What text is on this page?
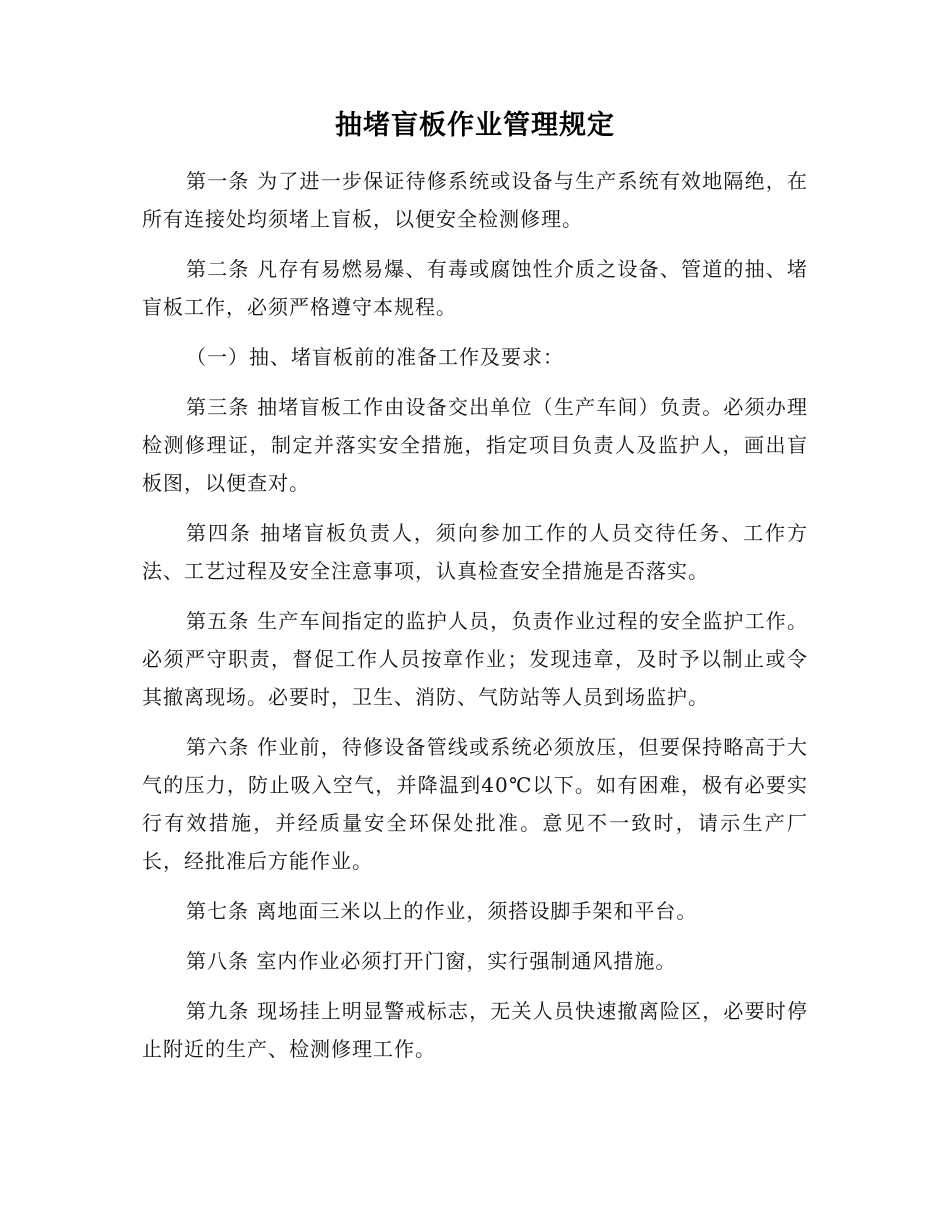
抽堵盲板作业管理规定

第一条 为了进一步保证待修系统或设备与生产系统有效地隔绝，在所有连接处均须堵上盲板，以便安全检测修理。

第二条 凡存有易燃易爆、有毒或腐蚀性介质之设备、管道的抽、堵盲板工作，必须严格遵守本规程。

（一）抽、堵盲板前的准备工作及要求：

第三条 抽堵盲板工作由设备交出单位（生产车间）负责。必须办理检测修理证，制定并落实安全措施，指定项目负责人及监护人，画出盲板图，以便查对。

第四条 抽堵盲板负责人，须向参加工作的人员交待任务、工作方法、工艺过程及安全注意事项，认真检查安全措施是否落实。

第五条 生产车间指定的监护人员，负责作业过程的安全监护工作。必须严守职责，督促工作人员按章作业；发现违章，及时予以制止或令其撤离现场。必要时，卫生、消防、气防站等人员到场监护。

第六条 作业前，待修设备管线或系统必须放压，但要保持略高于大气的压力，防止吸入空气，并降温到40℃以下。如有困难，极有必要实行有效措施，并经质量安全环保处批准。意见不一致时，请示生产厂长，经批准后方能作业。

第七条 离地面三米以上的作业，须搭设脚手架和平台。

第八条 室内作业必须打开门窗，实行强制通风措施。

第九条 现场挂上明显警戒标志，无关人员快速撤离险区，必要时停止附近的生产、检测修理工作。
